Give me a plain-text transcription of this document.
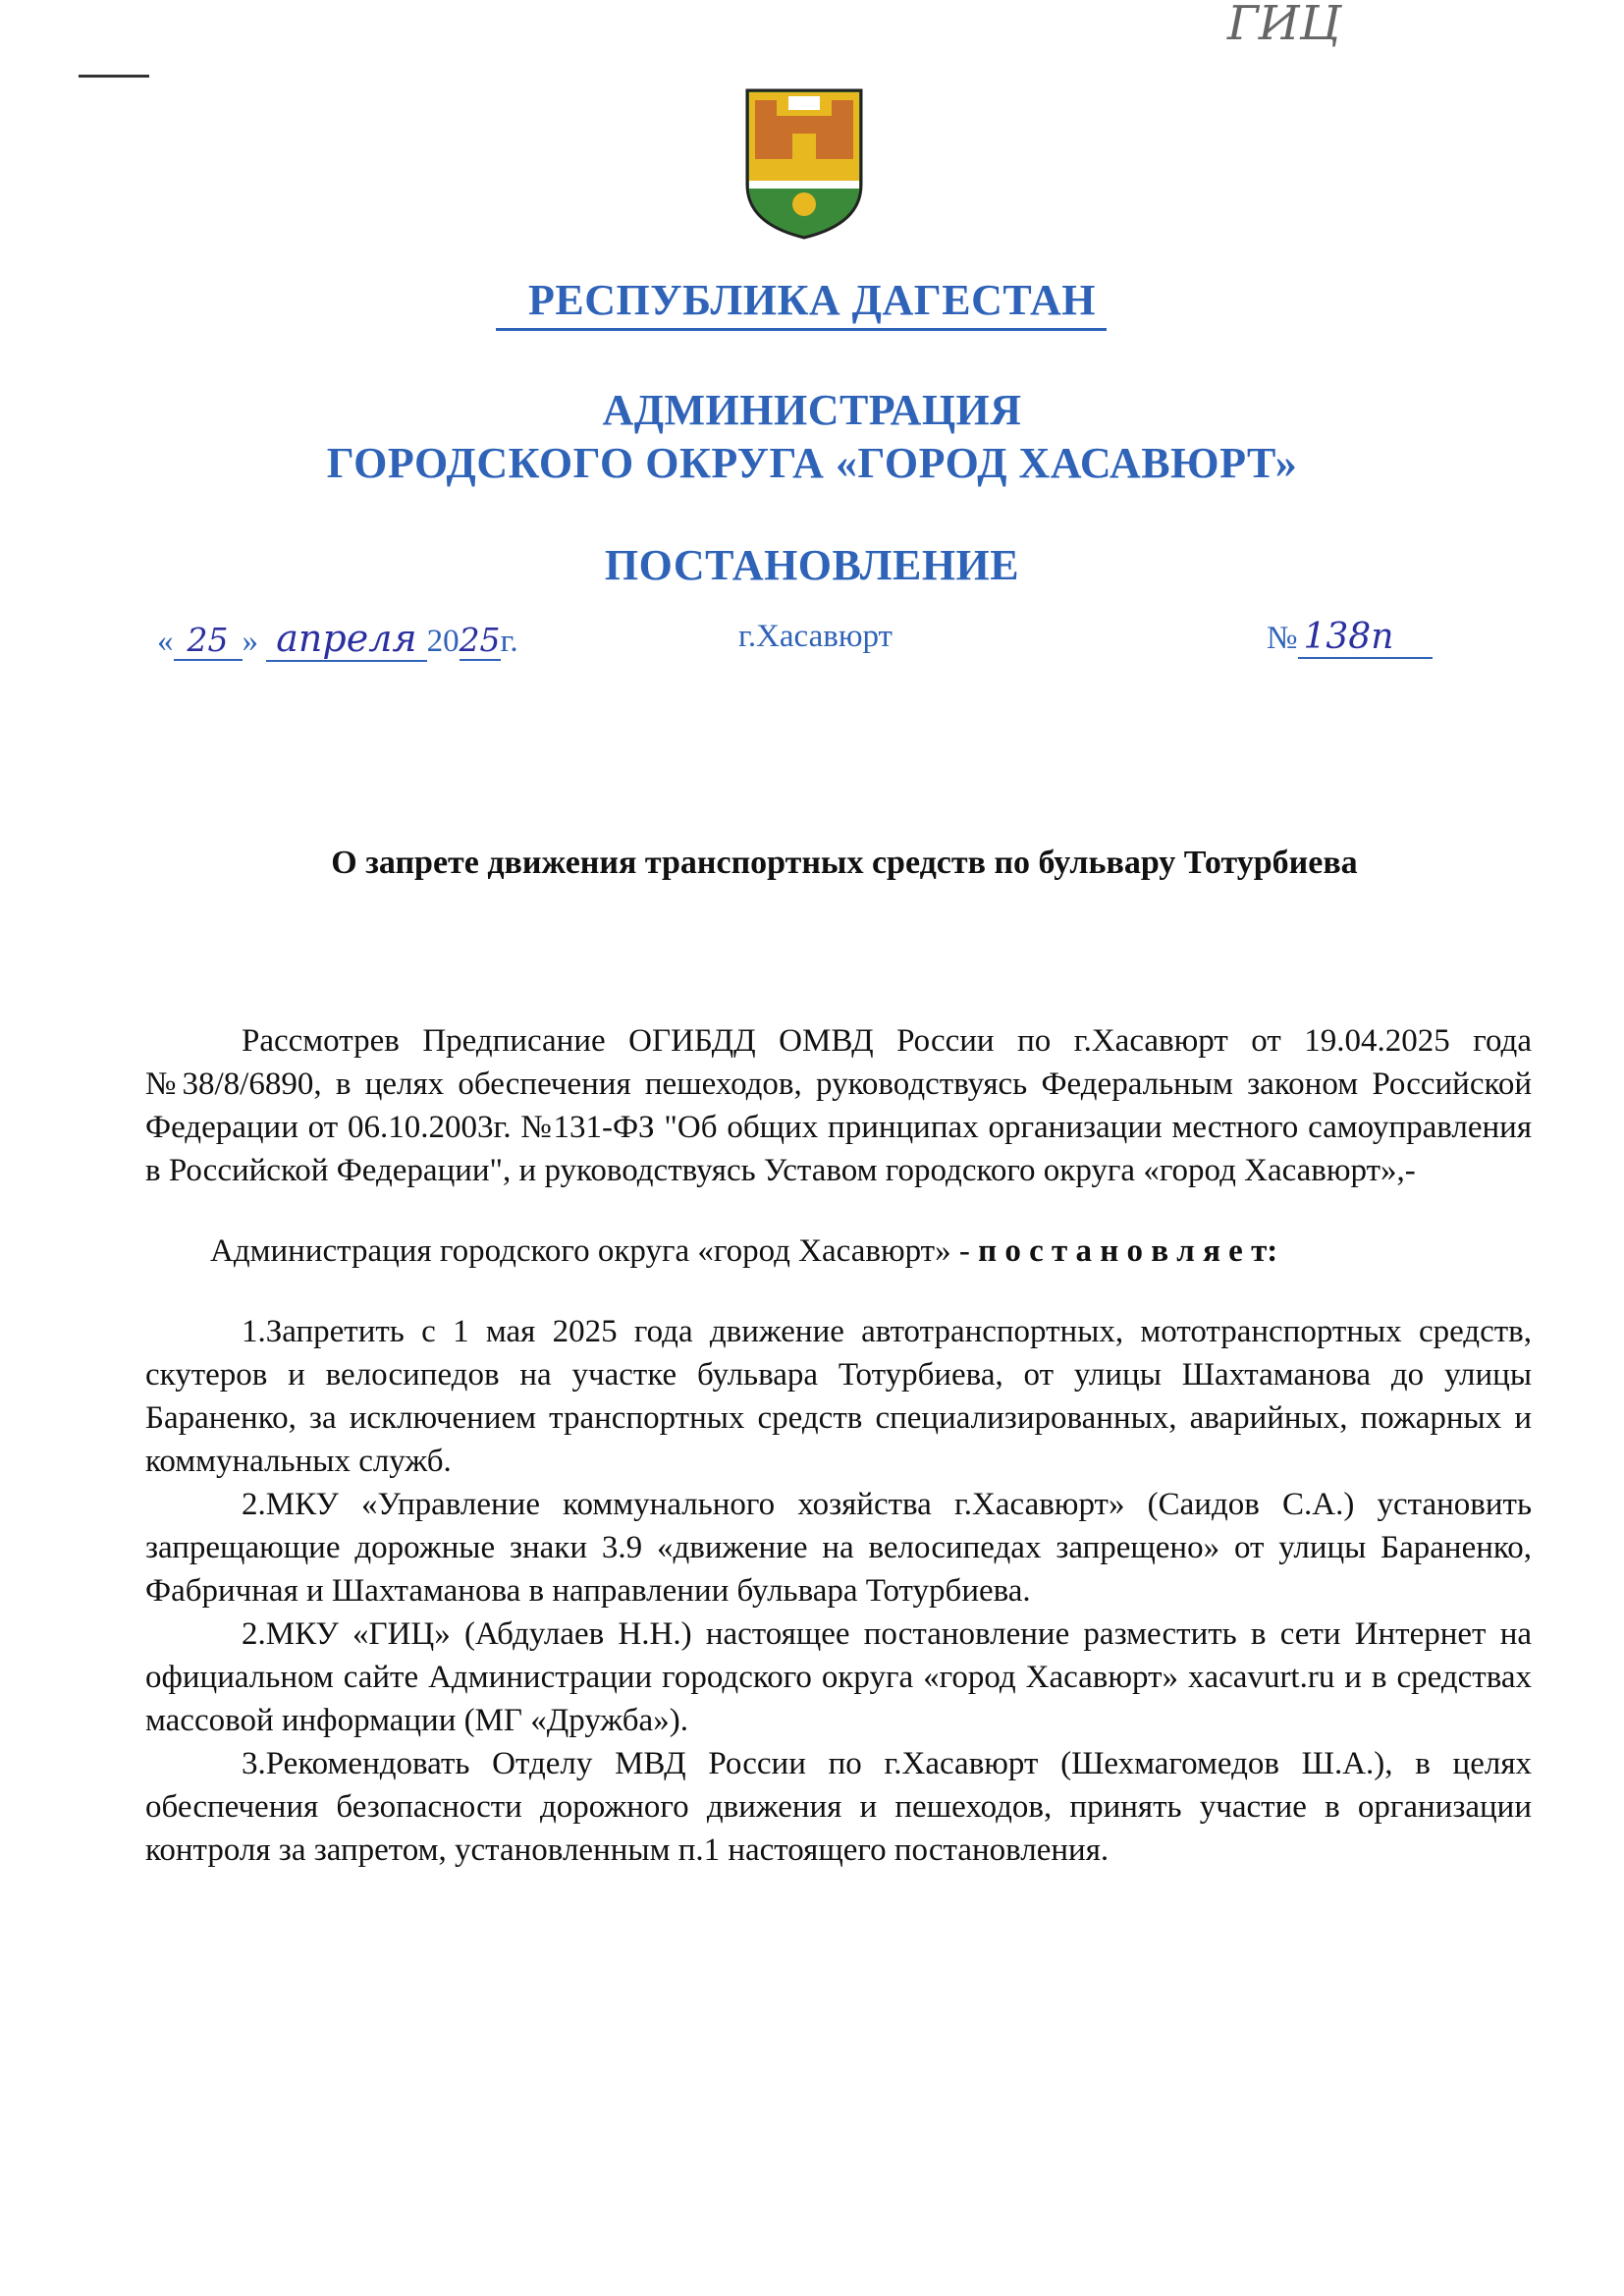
ГИЦ
РЕСПУБЛИКА ДАГЕСТАН
АДМИНИСТРАЦИЯ
ГОРОДСКОГО ОКРУГА «ГОРОД ХАСАВЮРТ»
ПОСТАНОВЛЕНИЕ
« 25 » апреля 2025г.	г.Хасавюрт	№ 138п
О запрете движения транспортных средств по бульвару Тотурбиева

Рассмотрев Предписание ОГИБДД ОМВД России по г.Хасавюрт от 19.04.2025 года №38/8/6890, в целях обеспечения пешеходов, руководствуясь Федеральным законом Российской Федерации от 06.10.2003г. №131-ФЗ "Об общих принципах организации местного самоуправления в Российской Федерации", и руководствуясь Уставом городского округа «город Хасавюрт»,-

Администрация городского округа «город Хасавюрт» - п о с т а н о в л я е т:

1.Запретить с 1 мая 2025 года движение автотранспортных, мототранспортных средств, скутеров и велосипедов на участке бульвара Тотурбиева, от улицы Шахтаманова до улицы Бараненко, за исключением транспортных средств специализированных, аварийных, пожарных и коммунальных служб.

2.МКУ «Управление коммунального хозяйства г.Хасавюрт» (Саидов С.А.) установить запрещающие дорожные знаки 3.9 «движение на велосипедах запрещено» от улицы Бараненко, Фабричная и Шахтаманова в направлении бульвара Тотурбиева.

2.МКУ «ГИЦ» (Абдулаев Н.Н.) настоящее постановление разместить в сети Интернет на официальном сайте Администрации городского округа «город Хасавюрт» xacavurt.ru и в средствах массовой информации (МГ «Дружба»).

3.Рекомендовать Отделу МВД России по г.Хасавюрт (Шехмагомедов Ш.А.), в целях обеспечения безопасности дорожного движения и пешеходов, принять участие в организации контроля за запретом, установленным п.1 настоящего постановления.
